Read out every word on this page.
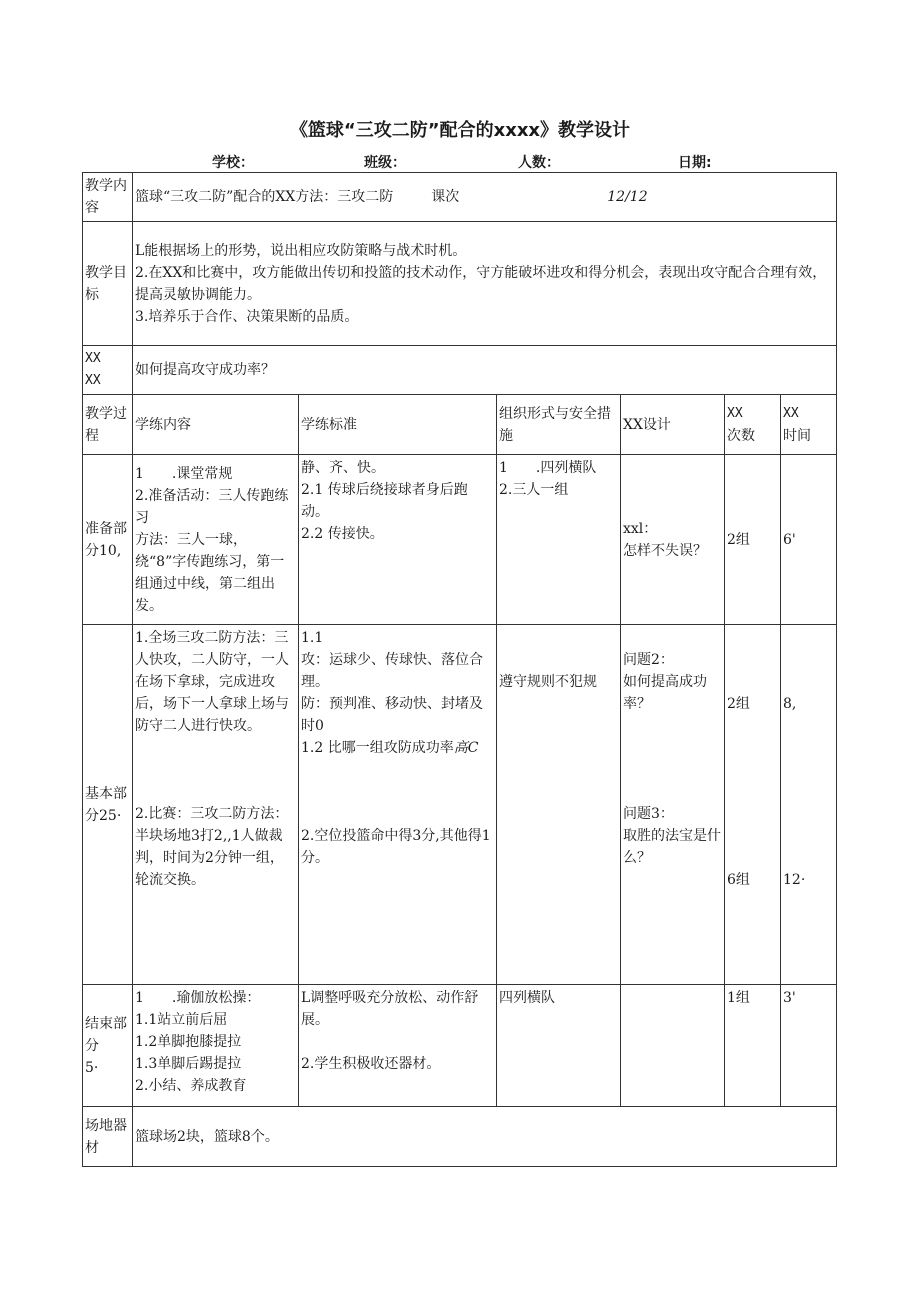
《篮球“三攻二防”配合的xxxx》教学设计
学校：	班级：	人数：	日期:
教学内容	篮球“三攻二防”配合的XX方法：三攻二防 课次 12/12					

教学目标	L能根据场上的形势，说出相应攻防策略与战术时机。
2.在XX和比赛中，攻方能做出传切和投篮的技术动作，守方能破坏进攻和得分机会，表现出攻守配合合理有效，提高灵敏协调能力。
3.培养乐于合作、决策果断的品质。					

XX
XX	如何提高攻守成功率？					
教学过程	学练内容	学练标准	组织形式与安全措施	XX设计	XX
次数	XX
时间

准备部分10,	1　　.课堂常规
2.准备活动：三人传跑练习
方法：三人一球，绕“8”字传跑练习，第一组通过中线，第二组出发。	静、齐、快。
2.1 传球后绕接球者身后跑动。
2.2 传接快。	1　　.四列横队
2.三人一组	xxl：
怎样不失误？	2组	6'
基本部分25·	1.全场三攻二防方法：三人快攻，二人防守，一人在场下拿球，完成进攻后，场下一人拿球上场与防守二人进行快攻。
2.比赛：三攻二防方法：半块场地3打2,,1人做裁判，时间为2分钟一组，轮流交换。	1.1
攻：运球少、传球快、落位合理。
防：预判准、移动快、封堵及时0
1.2 比哪一组攻防成功率高C
2.空位投篮命中得3分,其他得1分。	遵守规则不犯规	问题2：
如何提高成功率？
问题3：
取胜的法宝是什么？	2组
6组	8,
12·

结束部分
5·	1　　.瑜伽放松操：
1.1站立前后屈
1.2单脚抱膝提拉
1.3单脚后踢提拉
2.小结、养成教育	L调整呼吸充分放松、动作舒展。
2.学生积极收还器材。	四列横队		1组	3'
场地器材	篮球场2块，篮球8个。					
